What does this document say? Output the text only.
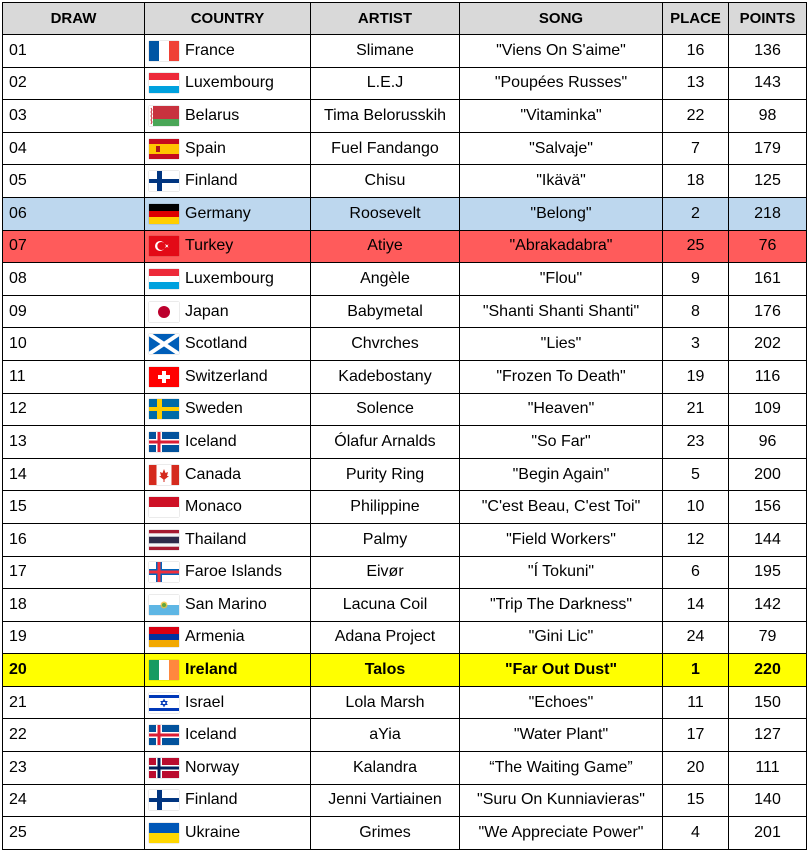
DRAW	COUNTRY	ARTIST	SONG	PLACE	POINTS
01	France	Slimane	"Viens On S'aime"	16	136
02	Luxembourg	L.E.J	"Poupées Russes"	13	143
03	Belarus	Tima Belorusskih	"Vitaminka"	22	98
04	Spain	Fuel Fandango	"Salvaje"	7	179
05	Finland	Chisu	"Ikävä"	18	125
06	Germany	Roosevelt	"Belong"	2	218
07	Turkey	Atiye	"Abrakadabra"	25	76
08	Luxembourg	Angèle	"Flou"	9	161
09	Japan	Babymetal	"Shanti Shanti Shanti"	8	176
10	Scotland	Chvrches	"Lies"	3	202
11	Switzerland	Kadebostany	"Frozen To Death"	19	116
12	Sweden	Solence	"Heaven"	21	109
13	Iceland	Ólafur Arnalds	"So Far"	23	96
14	Canada	Purity Ring	"Begin Again"	5	200
15	Monaco	Philippine	"C'est Beau, C'est Toi"	10	156
16	Thailand	Palmy	"Field Workers"	12	144
17	Faroe Islands	Eivør	"Í Tokuni"	6	195
18	San Marino	Lacuna Coil	"Trip The Darkness"	14	142
19	Armenia	Adana Project	"Gini Lic"	24	79
20	Ireland	Talos	"Far Out Dust"	1	220
21	Israel	Lola Marsh	"Echoes"	11	150
22	Iceland	aYia	"Water Plant"	17	127
23	Norway	Kalandra	“The Waiting Game”	20	111
24	Finland	Jenni Vartiainen	"Suru On Kunniavieras"	15	140
25	Ukraine	Grimes	"We Appreciate Power"	4	201
